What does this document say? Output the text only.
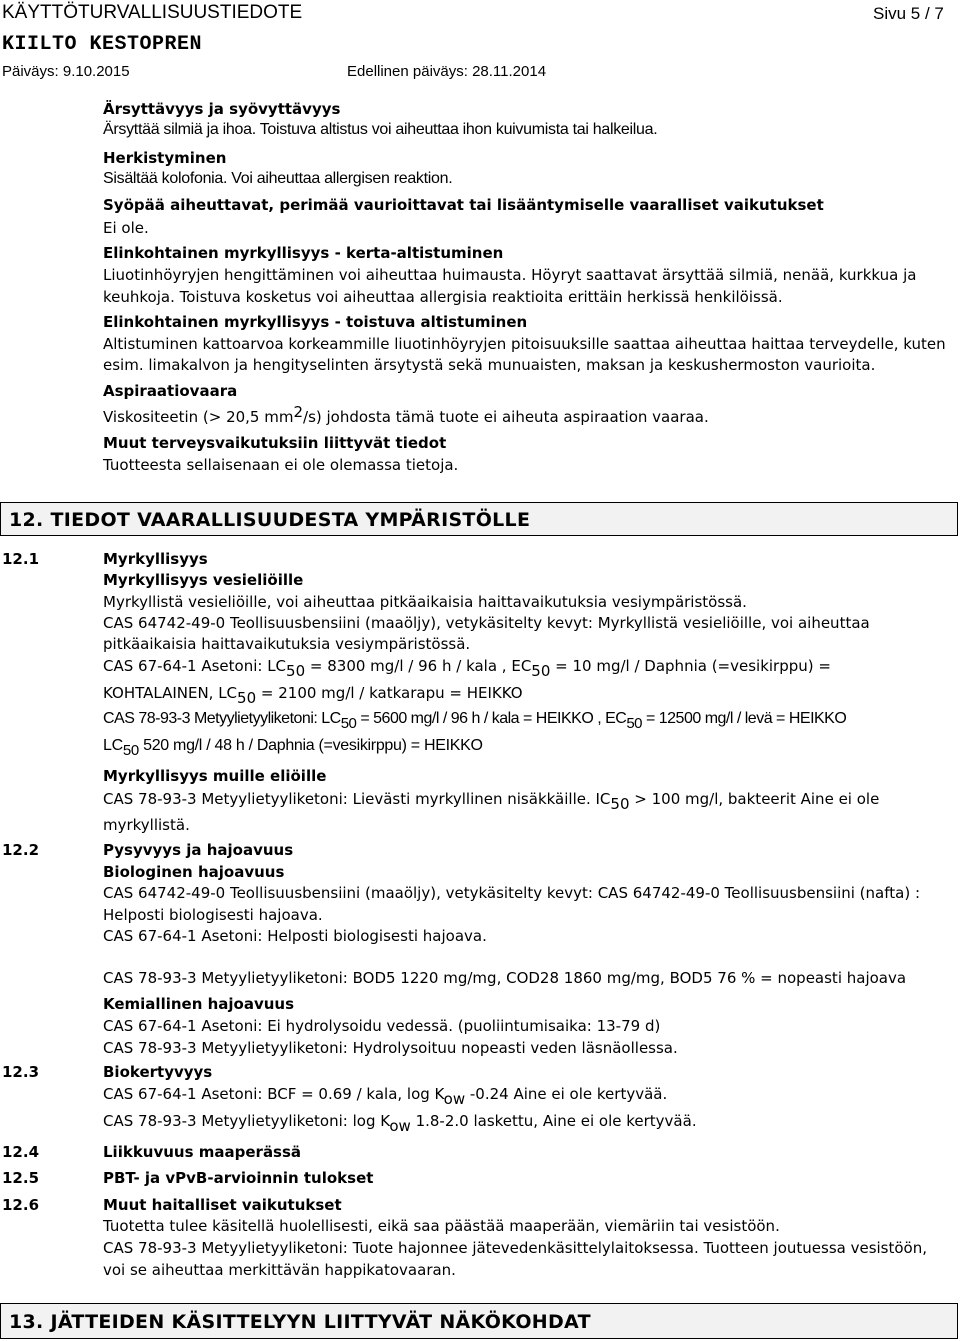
KÄYTTÖTURVALLISUUSTIEDOTE	Sivu 5 / 7
KIILTO KESTOPREN
Päiväys: 9.10.2015	Edellinen päiväys: 28.11.2014
Ärsyttävyys ja syövyttävyys
Ärsyttää silmiä ja ihoa. Toistuva altistus voi aiheuttaa ihon kuivumista tai halkeilua.
Herkistyminen
Sisältää kolofonia. Voi aiheuttaa allergisen reaktion.
Syöpää aiheuttavat, perimää vaurioittavat tai lisääntymiselle vaaralliset vaikutukset
Ei ole.
Elinkohtainen myrkyllisyys - kerta-altistuminen
Liuotinhöyryjen hengittäminen voi aiheuttaa huimausta. Höyryt saattavat ärsyttää silmiä, nenää, kurkkua ja
keuhkoja. Toistuva kosketus voi aiheuttaa allergisia reaktioita erittäin herkissä henkilöissä.
Elinkohtainen myrkyllisyys - toistuva altistuminen
Altistuminen kattoarvoa korkeammille liuotinhöyryjen pitoisuuksille saattaa aiheuttaa haittaa terveydelle, kuten
esim. limakalvon ja hengityselinten ärsytystä sekä munuaisten, maksan ja keskushermoston vaurioita.
Aspiraatiovaara
Viskositeetin (> 20,5 $mm^2/s$) johdosta tämä tuote ei aiheuta aspiraation vaaraa.
Muut terveysvaikutuksiin liittyvät tiedot
Tuotteesta sellaisenaan ei ole olemassa tietoja.
12. TIEDOT VAARALLISUUDESTA YMPÄRISTÖLLE
12.1	Myrkyllisyys
Myrkyllisyys vesieliöille
Myrkyllistä vesieliöille, voi aiheuttaa pitkäaikaisia haittavaikutuksia vesiympäristössä.
CAS 64742-49-0 Teollisuusbensiini (maaöljy), vetykäsitelty kevyt: Myrkyllistä vesieliöille, voi aiheuttaa
pitkäaikaisia haittavaikutuksia vesiympäristössä.
CAS 67-64-1 Asetoni: $LC_{50} = 8300$ mg/l / 96 h / kala , $EC_{50} = 10$ mg/l / Daphnia (=vesikirppu) =
KOHTALAINEN, $LC_{50} = 2100$ mg/l / katkarapu = HEIKKO
CAS 78-93-3 Metyylietyyliketoni: $LC_{50} = 5600$ mg/l / 96 h / kala = HEIKKO , $EC_{50} = 12500$ mg/l / levä = HEIKKO
$LC_{50}$ 520 mg/l / 48 h / Daphnia (=vesikirppu) = HEIKKO
Myrkyllisyys muille eliöille
CAS 78-93-3 Metyylietyyliketoni: Lievästi myrkyllinen nisäkkäille. $IC_{50} > 100$ mg/l, bakteerit Aine ei ole
myrkyllistä.
12.2	Pysyvyys ja hajoavuus
Biologinen hajoavuus
CAS 64742-49-0 Teollisuusbensiini (maaöljy), vetykäsitelty kevyt: CAS 64742-49-0 Teollisuusbensiini (nafta) :
Helposti biologisesti hajoava.
CAS 67-64-1 Asetoni: Helposti biologisesti hajoava.
CAS 78-93-3 Metyylietyyliketoni: BOD5 1220 mg/mg, COD28 1860 mg/mg, BOD5 76 % = nopeasti hajoava
Kemiallinen hajoavuus
CAS 67-64-1 Asetoni: Ei hydrolysoidu vedessä. (puoliintumisaika: 13-79 d)
CAS 78-93-3 Metyylietyyliketoni: Hydrolysoituu nopeasti veden läsnäollessa.
12.3	Biokertyvyys
CAS 67-64-1 Asetoni: BCF = 0.69 / kala, $\log K_{ow}$ -0.24 Aine ei ole kertyvää.
CAS 78-93-3 Metyylietyyliketoni: $\log K_{ow}$ 1.8-2.0 laskettu, Aine ei ole kertyvää.
12.4	Liikkuvuus maaperässä
12.5	PBT- ja vPvB-arvioinnin tulokset
12.6	Muut haitalliset vaikutukset
Tuotetta tulee käsitellä huolellisesti, eikä saa päästää maaperään, viemäriin tai vesistöön.
CAS 78-93-3 Metyylietyyliketoni: Tuote hajonnee jätevedenkäsittelylaitoksessa. Tuotteen joutuessa vesistöön,
voi se aiheuttaa merkittävän happikatovaaran.
13. JÄTTEIDEN KÄSITTELYYN LIITTYVÄT NÄKÖKOHDAT
